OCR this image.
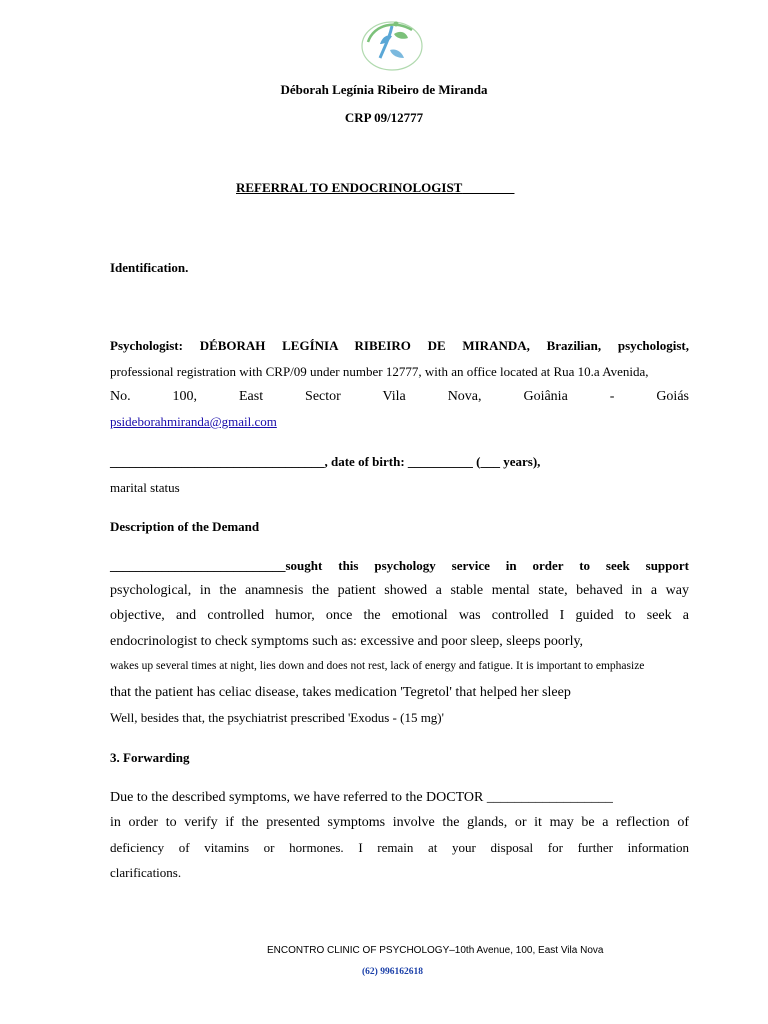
Déborah Legínia Ribeiro de Miranda
CRP 09/12777
REFERRAL TO ENDOCRINOLOGIST________
Identification.
Psychologist: DÉBORAH LEGÍNIA RIBEIRO DE MIRANDA, Brazilian, psychologist,
professional registration with CRP/09 under number 12777, with an office located at Rua 10.a Avenida,
No. 100, East Sector Vila Nova, Goiânia - Goiás
psideborahmiranda@gmail.com
_________________________________, date of birth: __________ (___ years),
marital status
Description of the Demand
___________________________sought this psychology service in order to seek support
psychological, in the anamnesis the patient showed a stable mental state, behaved in a way
objective, and controlled humor, once the emotional was controlled I guided to seek a
endocrinologist to check symptoms such as: excessive and poor sleep, sleeps poorly,
wakes up several times at night, lies down and does not rest, lack of energy and fatigue. It is important to emphasize
that the patient has celiac disease, takes medication 'Tegretol' that helped her sleep
Well, besides that, the psychiatrist prescribed 'Exodus - (15 mg)'
3. Forwarding
Due to the described symptoms, we have referred to the DOCTOR __________________
in order to verify if the presented symptoms involve the glands, or it may be a reflection of
deficiency of vitamins or hormones. I remain at your disposal for further information
clarifications.
ENCONTRO CLINIC OF PSYCHOLOGY–10th Avenue, 100, East Vila Nova
(62) 996162618
